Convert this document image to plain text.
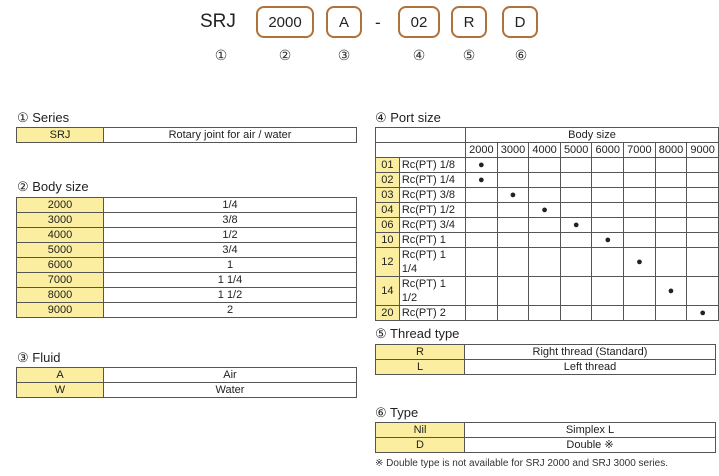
SRJ	2000	A	-	02	R	D
①	②	③	④	⑤	⑥
① Series
SRJ	Rotary joint for air / water
② Body size
2000	1/4
3000	3/8
4000	1/2
5000	3/4
6000	1
7000	1 1/4
8000	1 1/2
9000	2
③ Fluid
A	Air
W	Water
④ Port size
		Body size							
		2000	3000	4000	5000	6000	7000	8000	9000
01	Rc(PT) 1/8	●							
02	Rc(PT) 1/4	●							
03	Rc(PT) 3/8		●						
04	Rc(PT) 1/2			●					
06	Rc(PT) 3/4				●				
10	Rc(PT) 1					●			
12	Rc(PT) 1 1/4						●		
14	Rc(PT) 1 1/2							●	
20	Rc(PT) 2								●
⑤ Thread type
R	Right thread (Standard)
L	Left thread
⑥ Type
Nil	Simplex L
D	Double ※
※ Double type is not available for SRJ 2000 and SRJ 3000 series.
